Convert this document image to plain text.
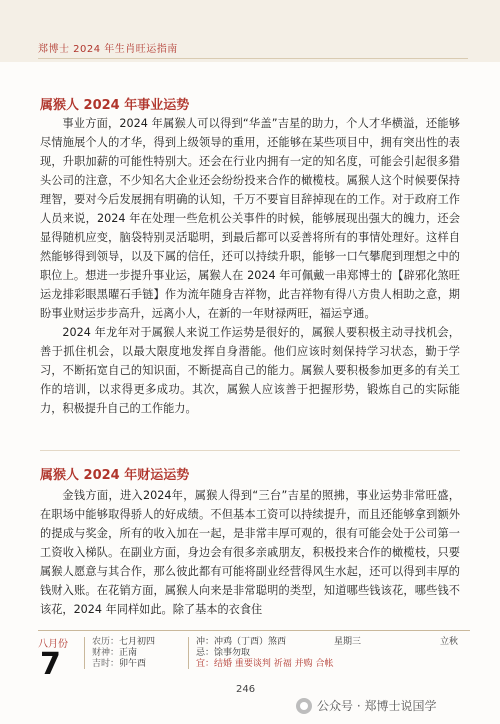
郑博士 2024 年生肖旺运指南
属猴人 2024 年事业运势

事业方面，2024 年属猴人可以得到“华盖”吉星的助力，个人才华横溢，还能够尽情施展个人的才华，得到上级领导的重用，还能够在某些项目中，拥有突出性的表现，升职加薪的可能性特别大。还会在行业内拥有一定的知名度，可能会引起很多猎头公司的注意，不少知名大企业还会纷纷投来合作的橄榄枝。属猴人这个时候要保持理智，要对今后发展拥有明确的认知，千万不要盲目辞掉现在的工作。对于政府工作人员来说，2024 年在处理一些危机公关事件的时候，能够展现出强大的魄力，还会显得随机应变，脑袋特别灵活聪明，到最后都可以妥善将所有的事情处理好。这样自然能够得到领导，以及下属的信任，还可以持续升职，能够一口气攀爬到理想之中的职位上。想进一步提升事业运，属猴人在 2024 年可佩戴一串郑博士的【辟邪化煞旺运龙排彩眼黑曜石手链】作为流年随身吉祥物，此吉祥物有得八方贵人相助之意，期盼事业财运步步高升，远离小人，在新的一年财禄两旺，福运亨通。

2024 年龙年对于属猴人来说工作运势是很好的，属猴人要积极主动寻找机会，善于抓住机会，以最大限度地发挥自身潜能。他们应该时刻保持学习状态，勤于学习，不断拓宽自己的知识面，不断提高自己的能力。属猴人要积极参加更多的有关工作的培训，以求得更多成功。其次，属猴人应该善于把握形势，锻炼自己的实际能力，积极提升自己的工作能力。

属猴人 2024 年财运运势

金钱方面，进入2024年，属猴人得到“三台”吉星的照拂，事业运势非常旺盛，在职场中能够取得骄人的好成绩。不但基本工资可以持续提升，而且还能够拿到额外的提成与奖金，所有的收入加在一起，是非常丰厚可观的，很有可能会处于公司第一工资收入梯队。在副业方面，身边会有很多亲戚朋友，积极投来合作的橄榄枝，只要属猴人愿意与其合作，那么彼此都有可能将副业经营得风生水起，还可以得到丰厚的钱财入账。在花销方面，属猴人向来是非常聪明的类型，知道哪些钱该花，哪些钱不该花，2024 年同样如此。除了基本的衣食住

八月份
7
农历：七月初四
财神：正南
吉时：卯午酉
冲：冲鸡（丁酉）煞西
忌：馀事勿取
宜：结婚 重要谈判 祈福 并购 合帐
星期三	立秋
246
公众号 · 郑博士说国学
